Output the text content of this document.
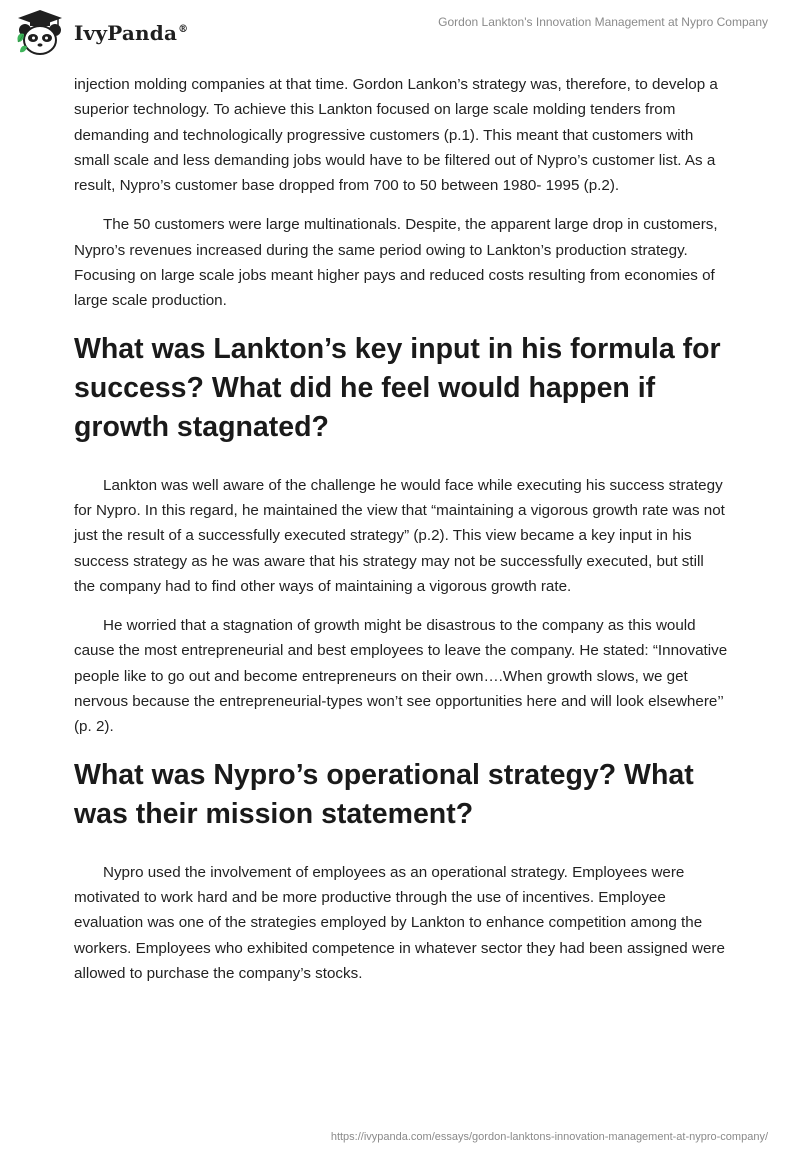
IvyPanda®
Gordon Lankton's Innovation Management at Nypro Company

injection molding companies at that time. Gordon Lankon’s strategy was, therefore, to develop a superior technology. To achieve this Lankton focused on large scale molding tenders from demanding and technologically progressive customers (p.1). This meant that customers with small scale and less demanding jobs would have to be filtered out of Nypro’s customer list. As a result, Nypro’s customer base dropped from 700 to 50 between 1980- 1995 (p.2).

The 50 customers were large multinationals. Despite, the apparent large drop in customers, Nypro’s revenues increased during the same period owing to Lankton’s production strategy. Focusing on large scale jobs meant higher pays and reduced costs resulting from economies of large scale production.

What was Lankton’s key input in his formula for success? What did he feel would happen if growth stagnated?

Lankton was well aware of the challenge he would face while executing his success strategy for Nypro. In this regard, he maintained the view that “maintaining a vigorous growth rate was not just the result of a successfully executed strategy” (p.2). This view became a key input in his success strategy as he was aware that his strategy may not be successfully executed, but still the company had to find other ways of maintaining a vigorous growth rate.

He worried that a stagnation of growth might be disastrous to the company as this would cause the most entrepreneurial and best employees to leave the company. He stated: “Innovative people like to go out and become entrepreneurs on their own….When growth slows, we get nervous because the entrepreneurial-types won’t see opportunities here and will look elsewhere’’ (p. 2).

What was Nypro’s operational strategy? What was their mission statement?

Nypro used the involvement of employees as an operational strategy. Employees were motivated to work hard and be more productive through the use of incentives. Employee evaluation was one of the strategies employed by Lankton to enhance competition among the workers. Employees who exhibited competence in whatever sector they had been assigned were allowed to purchase the company’s stocks.

https://ivypanda.com/essays/gordon-lanktons-innovation-management-at-nypro-company/
